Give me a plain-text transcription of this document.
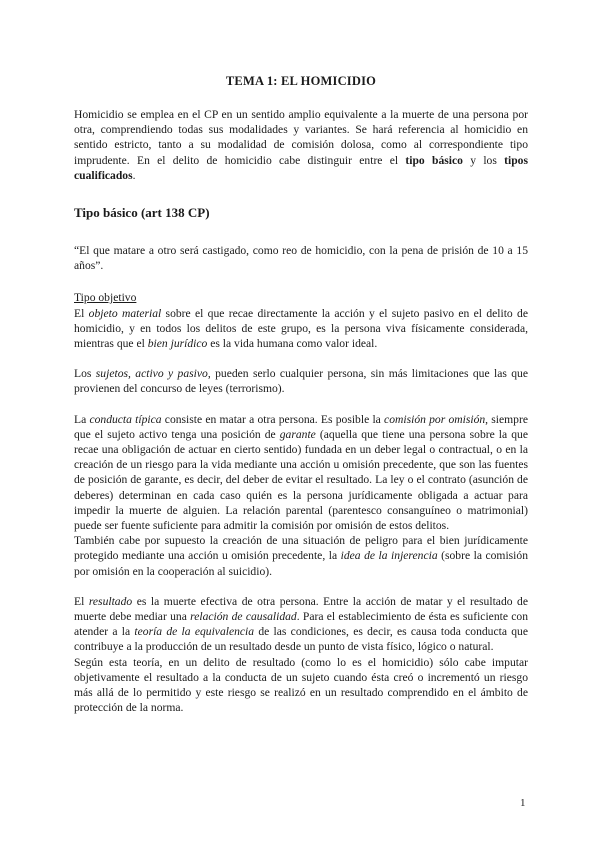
TEMA 1: EL HOMICIDIO

Homicidio se emplea en el CP en un sentido amplio equivalente a la muerte de una persona por otra, comprendiendo todas sus modalidades y variantes. Se hará referencia al homicidio en sentido estricto, tanto a su modalidad de comisión dolosa, como al correspondiente tipo imprudente. En el delito de homicidio cabe distinguir entre el tipo básico y los tipos cualificados.

Tipo básico (art 138 CP)

“El que matare a otro será castigado, como reo de homicidio, con la pena de prisión de 10 a 15 años”.

Tipo objetivo

El objeto material sobre el que recae directamente la acción y el sujeto pasivo en el delito de homicidio, y en todos los delitos de este grupo, es la persona viva físicamente considerada, mientras que el bien jurídico es la vida humana como valor ideal.

Los sujetos, activo y pasivo, pueden serlo cualquier persona, sin más limitaciones que las que provienen del concurso de leyes (terrorismo).

La conducta típica consiste en matar a otra persona. Es posible la comisión por omisión, siempre que el sujeto activo tenga una posición de garante (aquella que tiene una persona sobre la que recae una obligación de actuar en cierto sentido) fundada en un deber legal o contractual, o en la creación de un riesgo para la vida mediante una acción u omisión precedente, que son las fuentes de posición de garante, es decir, del deber de evitar el resultado. La ley o el contrato (asunción de deberes) determinan en cada caso quién es la persona jurídicamente obligada a actuar para impedir la muerte de alguien. La relación parental (parentesco consanguíneo o matrimonial) puede ser fuente suficiente para admitir la comisión por omisión de estos delitos.

También cabe por supuesto la creación de una situación de peligro para el bien jurídicamente protegido mediante una acción u omisión precedente, la idea de la injerencia (sobre la comisión por omisión en la cooperación al suicidio).

El resultado es la muerte efectiva de otra persona. Entre la acción de matar y el resultado de muerte debe mediar una relación de causalidad. Para el establecimiento de ésta es suficiente con atender a la teoría de la equivalencia de las condiciones, es decir, es causa toda conducta que contribuye a la producción de un resultado desde un punto de vista físico, lógico o natural.

Según esta teoría, en un delito de resultado (como lo es el homicidio) sólo cabe imputar objetivamente el resultado a la conducta de un sujeto cuando ésta creó o incrementó un riesgo más allá de lo permitido y este riesgo se realizó en un resultado comprendido en el ámbito de protección de la norma.

1
